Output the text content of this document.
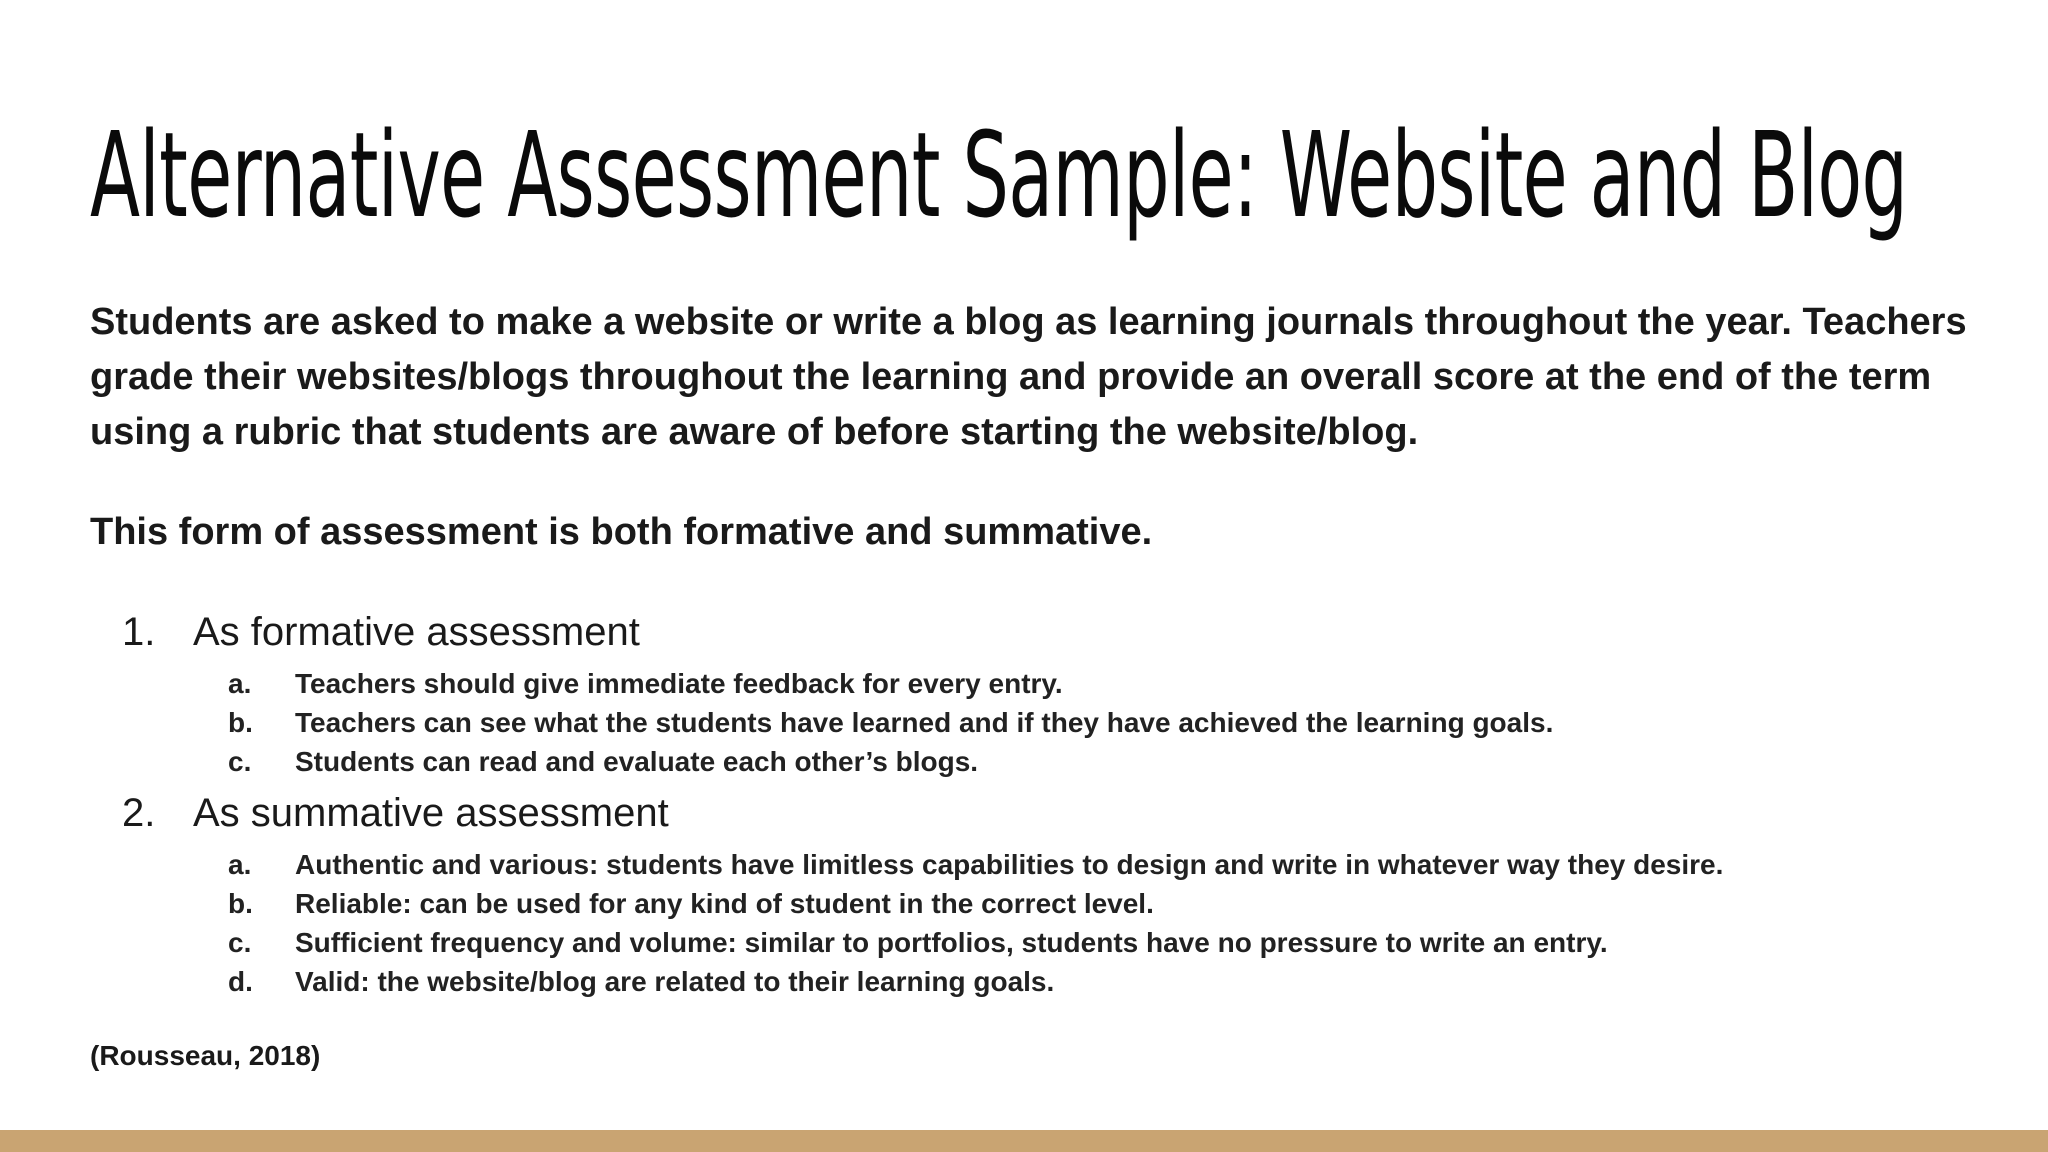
Alternative Assessment Sample: Website and Blog

Students are asked to make a website or write a blog as learning journals throughout the year. Teachers grade their websites/blogs throughout the learning and provide an overall score at the end of the term using a rubric that students are aware of before starting the website/blog.

This form of assessment is both formative and summative.

1. As formative assessment
a. Teachers should give immediate feedback for every entry.
b. Teachers can see what the students have learned and if they have achieved the learning goals.
c. Students can read and evaluate each other’s blogs.
2. As summative assessment
a. Authentic and various: students have limitless capabilities to design and write in whatever way they desire.
b. Reliable: can be used for any kind of student in the correct level.
c. Sufficient frequency and volume: similar to portfolios, students have no pressure to write an entry.
d. Valid: the website/blog are related to their learning goals.

(Rousseau, 2018)
